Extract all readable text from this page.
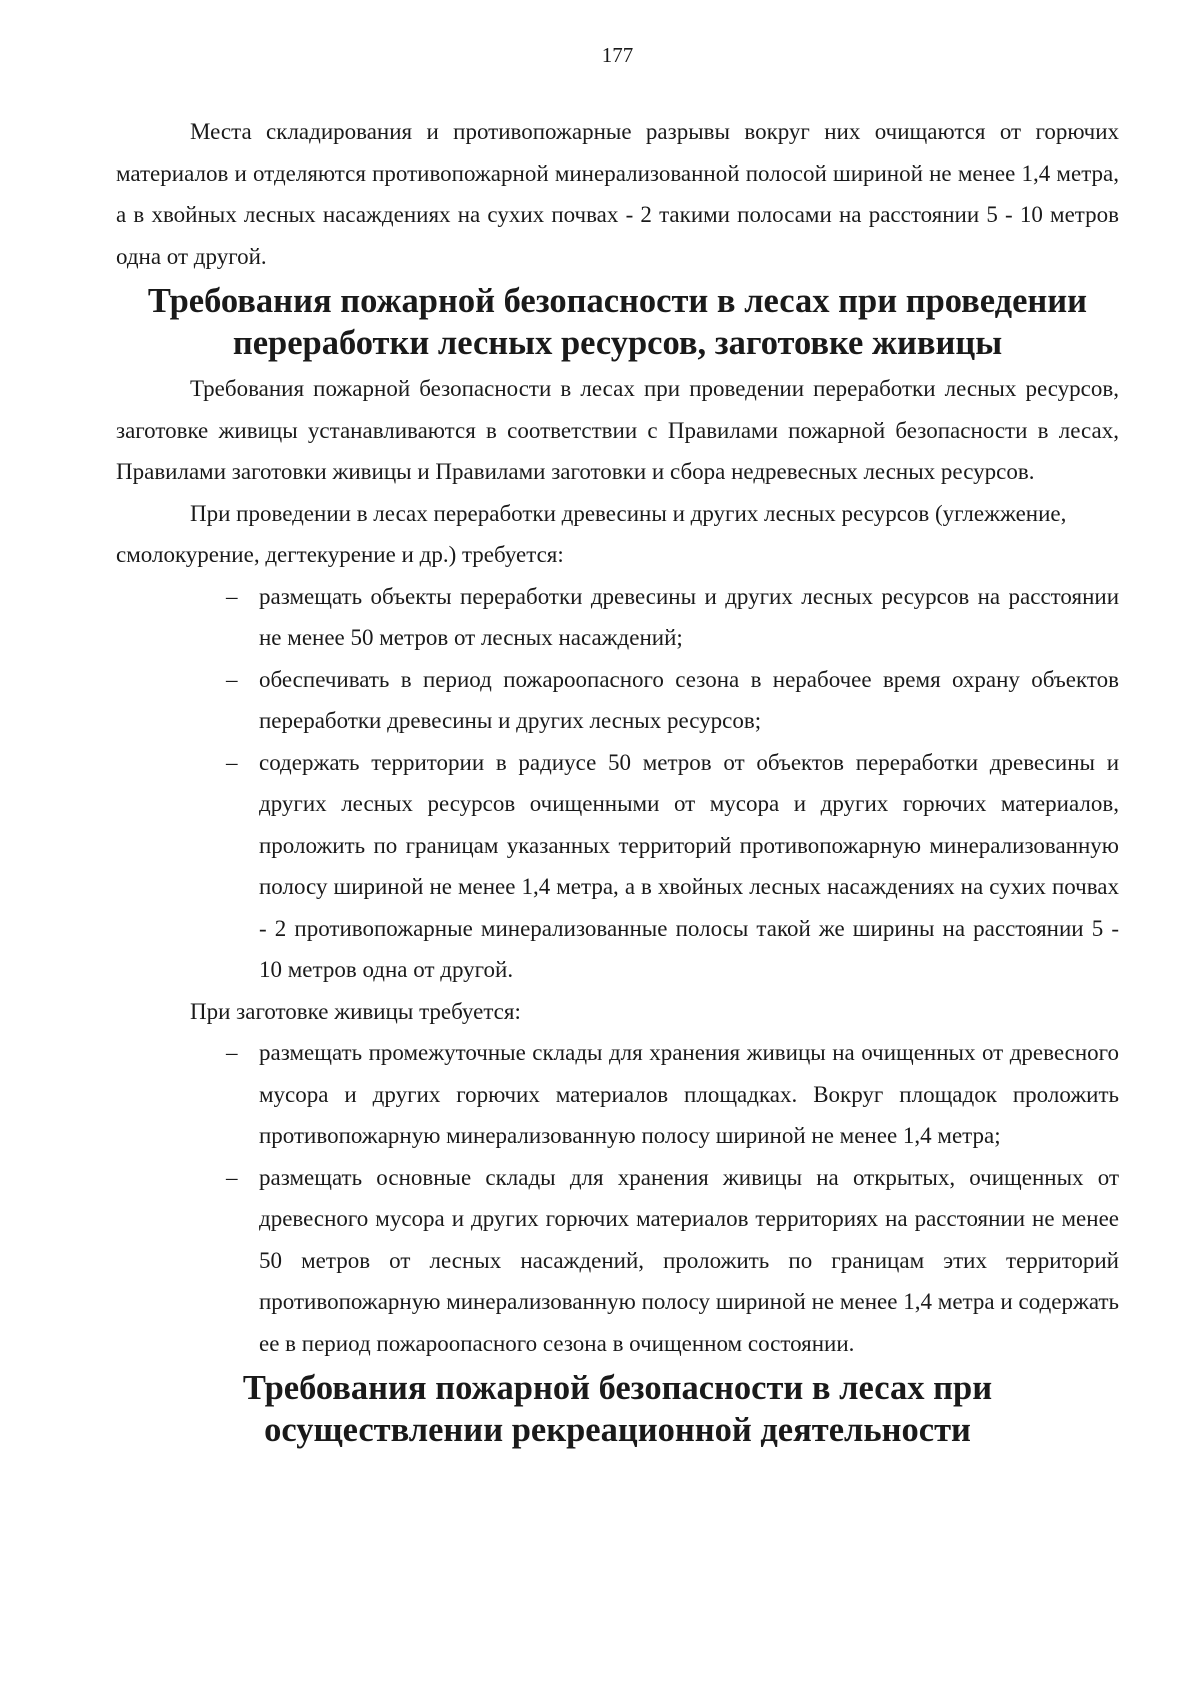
177

Места складирования и противопожарные разрывы вокруг них очищаются от горючих материалов и отделяются противопожарной минерализованной полосой шириной не менее 1,4 метра, а в хвойных лесных насаждениях на сухих почвах - 2 такими полосами на расстоянии 5 - 10 метров одна от другой.

Требования пожарной безопасности в лесах при проведении переработки лесных ресурсов, заготовке живицы

Требования пожарной безопасности в лесах при проведении переработки лесных ресурсов, заготовке живицы устанавливаются в соответствии с Правилами пожарной безопасности в лесах, Правилами заготовки живицы и Правилами заготовки и сбора недревесных лесных ресурсов.

При проведении в лесах переработки древесины и других лесных ресурсов (углежжение, смолокурение, дегтекурение и др.) требуется:

– размещать объекты переработки древесины и других лесных ресурсов на расстоянии не менее 50 метров от лесных насаждений;
– обеспечивать в период пожароопасного сезона в нерабочее время охрану объектов переработки древесины и других лесных ресурсов;
– содержать территории в радиусе 50 метров от объектов переработки древесины и других лесных ресурсов очищенными от мусора и других горючих материалов, проложить по границам указанных территорий противопожарную минерализованную полосу шириной не менее 1,4 метра, а в хвойных лесных насаждениях на сухих почвах - 2 противопожарные минерализованные полосы такой же ширины на расстоянии 5 - 10 метров одна от другой.

При заготовке живицы требуется:

– размещать промежуточные склады для хранения живицы на очищенных от древесного мусора и других горючих материалов площадках. Вокруг площадок проложить противопожарную минерализованную полосу шириной не менее 1,4 метра;
– размещать основные склады для хранения живицы на открытых, очищенных от древесного мусора и других горючих материалов территориях на расстоянии не менее 50 метров от лесных насаждений, проложить по границам этих территорий противопожарную минерализованную полосу шириной не менее 1,4 метра и содержать ее в период пожароопасного сезона в очищенном состоянии.
Требования пожарной безопасности в лесах при осуществлении рекреационной деятельности
